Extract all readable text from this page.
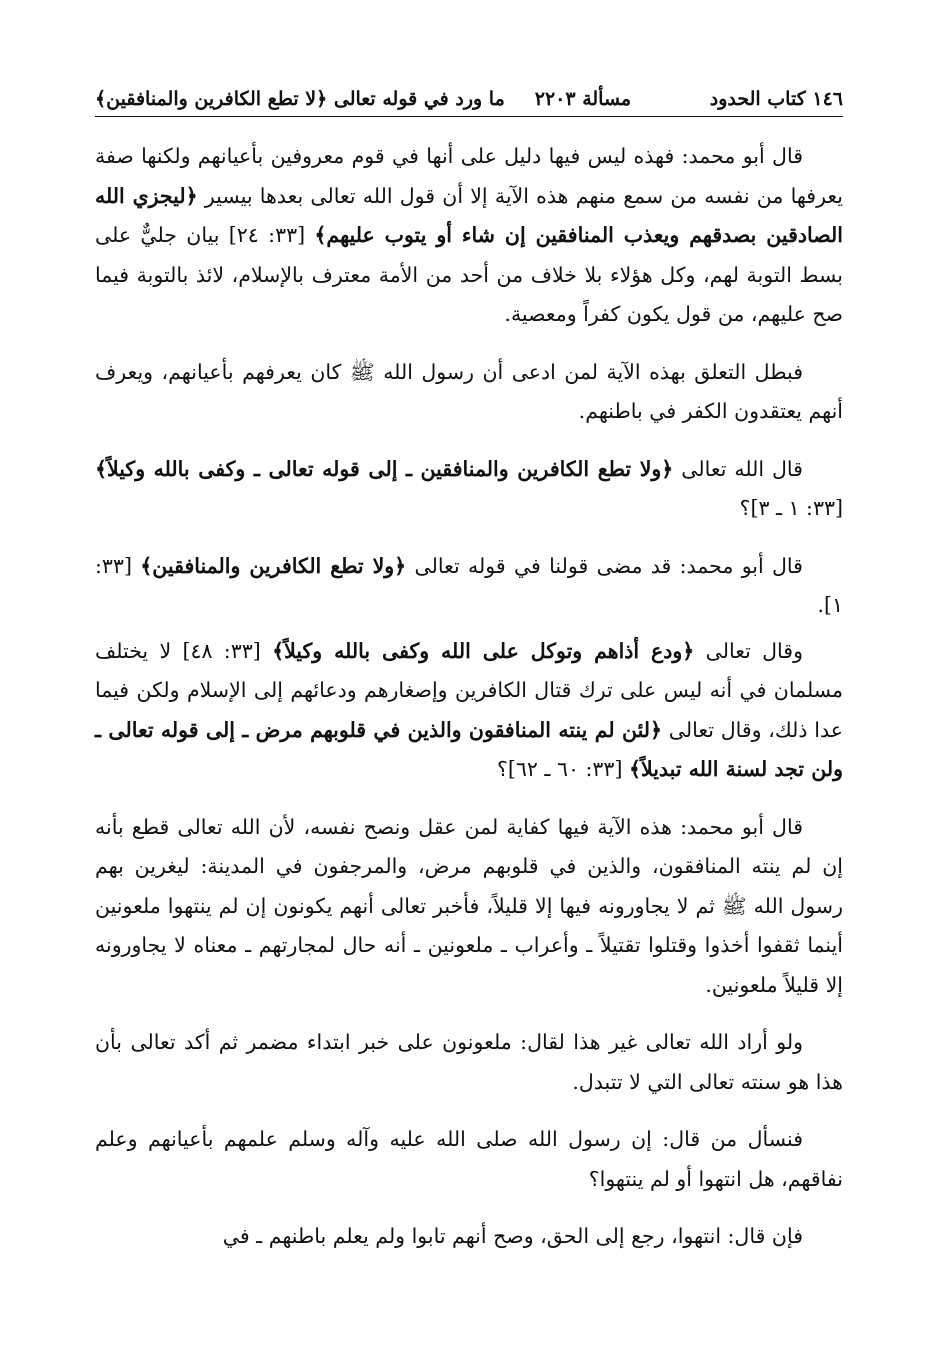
١٤٦ كتاب الحدود
مسألة ٢٢٠٣
ما ورد في قوله تعالى ﴿لا تطع الكافرين والمنافقين﴾
قال أبو محمد: فهذه ليس فيها دليل على أنها في قوم معروفين بأعيانهم ولكنها صفة يعرفها من نفسه من سمع منهم هذه الآية إلا أن قول الله تعالى بعدها بيسير ﴿ليجزي الله الصادقين بصدقهم ويعذب المنافقين إن شاء أو يتوب عليهم﴾ [٣٣: ٢٤] بيان جليٌّ على بسط التوبة لهم، وكل هؤلاء بلا خلاف من أحد من الأمة معترف بالإسلام، لائذ بالتوبة فيما صح عليهم، من قول يكون كفراً ومعصية.
فبطل التعلق بهذه الآية لمن ادعى أن رسول الله ﷺ كان يعرفهم بأعيانهم، ويعرف أنهم يعتقدون الكفر في باطنهم.
قال الله تعالى ﴿ولا تطع الكافرين والمنافقين ـ إلى قوله تعالى ـ وكفى بالله وكيلاً﴾ [٣٣: ١ ـ ٣]؟
قال أبو محمد: قد مضى قولنا في قوله تعالى ﴿ولا تطع الكافرين والمنافقين﴾ [٣٣: ١].
وقال تعالى ﴿ودع أذاهم وتوكل على الله وكفى بالله وكيلاً﴾ [٣٣: ٤٨] لا يختلف مسلمان في أنه ليس على ترك قتال الكافرين وإصغارهم ودعائهم إلى الإسلام ولكن فيما عدا ذلك، وقال تعالى ﴿لئن لم ينته المنافقون والذين في قلوبهم مرض ـ إلى قوله تعالى ـ ولن تجد لسنة الله تبديلاً﴾ [٣٣: ٦٠ ـ ٦٢]؟
قال أبو محمد: هذه الآية فيها كفاية لمن عقل ونصح نفسه، لأن الله تعالى قطع بأنه إن لم ينته المنافقون، والذين في قلوبهم مرض، والمرجفون في المدينة: ليغرين بهم رسول الله ﷺ ثم لا يجاورونه فيها إلا قليلاً، فأخبر تعالى أنهم يكونون إن لم ينتهوا ملعونين أينما ثقفوا أخذوا وقتلوا تقتيلاً ـ وأعراب ـ ملعونين ـ أنه حال لمجارتهم ـ معناه لا يجاورونه إلا قليلاً ملعونين.
ولو أراد الله تعالى غير هذا لقال: ملعونون على خبر ابتداء مضمر ثم أكد تعالى بأن هذا هو سنته تعالى التي لا تتبدل.
فنسأل من قال: إن رسول الله صلى الله عليه وآله وسلم علمهم بأعيانهم وعلم نفاقهم، هل انتهوا أو لم ينتهوا؟
فإن قال: انتهوا، رجع إلى الحق، وصح أنهم تابوا ولم يعلم باطنهم ـ في
